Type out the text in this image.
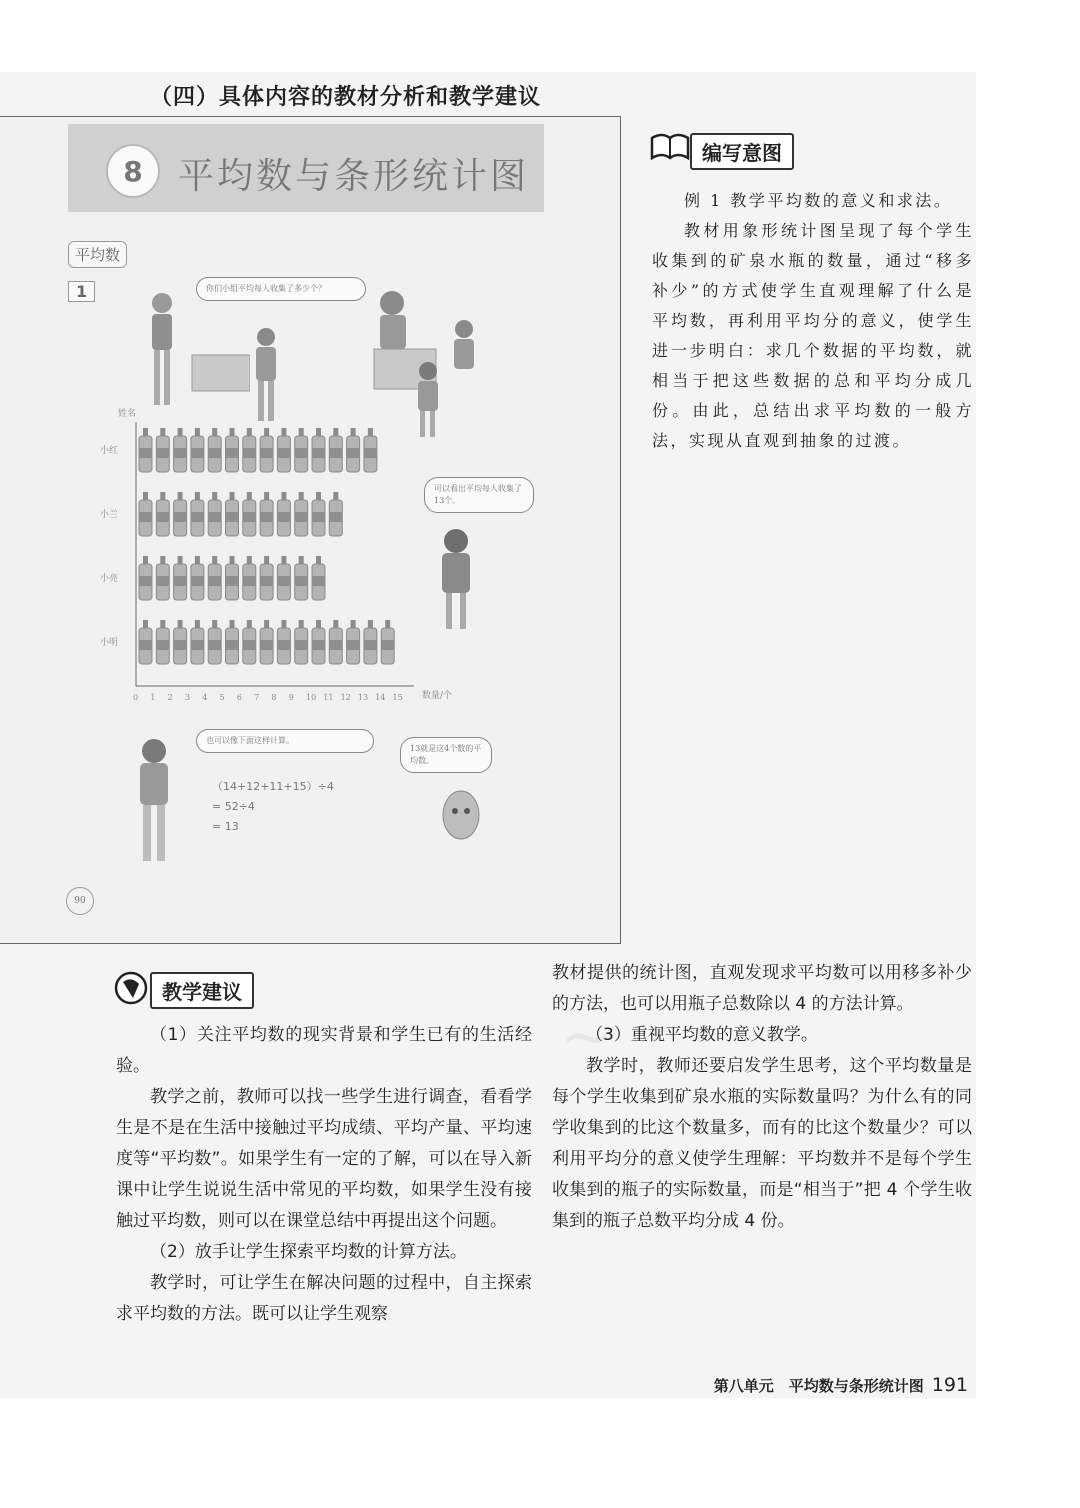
（四）具体内容的教材分析和教学建议
8 平均数与条形统计图
平均数
1	你们小组平均每人收集了多少个？
可以看出平均每人收集了13个。
姓名
小红
小兰
小亮
小明
0 1 2 3 4 5 6 7 8 9 10 11 12 13 14 15 数量/个
也可以像下面这样计算。
13就是这4个数的平均数。
（14+12+11+15）÷4
= 52÷4
= 13
90
编写意图

例 1 教学平均数的意义和求法。

教材用象形统计图呈现了每个学生收集到的矿泉水瓶的数量，通过“移多补少”的方式使学生直观理解了什么是平均数，再利用平均分的意义，使学生进一步明白：求几个数据的平均数，就相当于把这些数据的总和平均分成几份。由此，总结出求平均数的一般方法，实现从直观到抽象的过渡。

教学建议
~

（1）关注平均数的现实背景和学生已有的生活经验。

教学之前，教师可以找一些学生进行调查，看看学生是不是在生活中接触过平均成绩、平均产量、平均速度等“平均数”。如果学生有一定的了解，可以在导入新课中让学生说说生活中常见的平均数，如果学生没有接触过平均数，则可以在课堂总结中再提出这个问题。

（2）放手让学生探索平均数的计算方法。

教学时，可让学生在解决问题的过程中，自主探索求平均数的方法。既可以让学生观察

教材提供的统计图，直观发现求平均数可以用移多补少的方法，也可以用瓶子总数除以 4 的方法计算。

（3）重视平均数的意义教学。

教学时，教师还要启发学生思考，这个平均数量是每个学生收集到矿泉水瓶的实际数量吗？为什么有的同学收集到的比这个数量多，而有的比这个数量少？可以利用平均分的意义使学生理解：平均数并不是每个学生收集到的瓶子的实际数量，而是“相当于”把 4 个学生收集到的瓶子总数平均分成 4 份。

第八单元　平均数与条形统计图 191
